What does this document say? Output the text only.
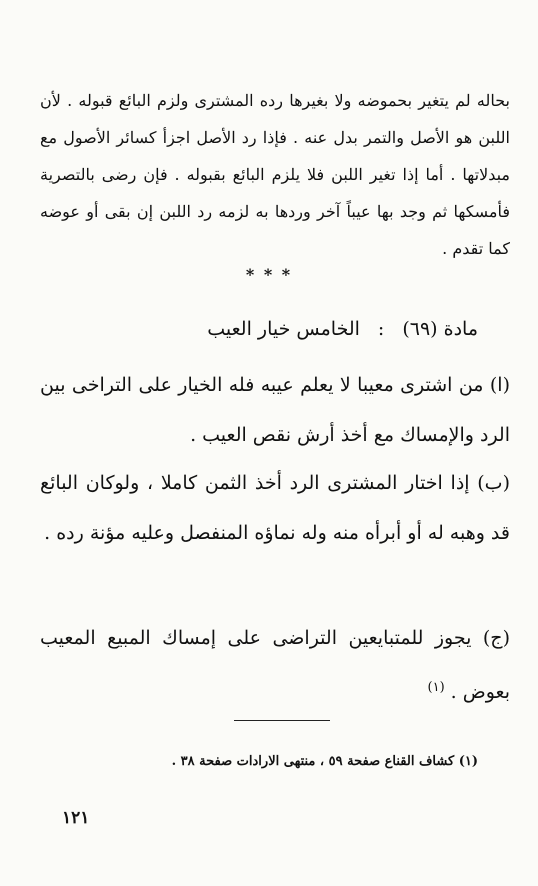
بحاله لم يتغير بحموضه ولا بغيرها رده المشترى ولزم البائع قبوله . لأن اللبن هو الأصل والتمر بدل عنه . فإذا رد الأصل اجزأ كسائر الأصول مع مبدلاتها . أما إذا تغير اللبن فلا يلزم البائع بقبوله . فإن رضى بالتصرية فأمسكها ثم وجد بها عيباً آخر وردها به لزمه رد اللبن إن بقى أو عوضه كما تقدم .

* * *
مادة (٦٩):الخامس خيار العيب

(ا) من اشترى معيبا لا يعلم عيبه فله الخيار على التراخى بين الرد والإمساك مع أخذ أرش نقص العيب .

(ب) إذا اختار المشترى الرد أخذ الثمن كاملا ، ولوكان البائع قد وهبه له أو أبرأه منه وله نماؤه المنفصل وعليه مؤنة رده .

(ج) يجوز للمتبايعين التراضى على إمساك المبيع المعيب بعوض .$^{(١)}$

(١) كشاف القناع صفحة ٥٩ ، منتهى الارادات صفحة ٣٨ .
١٢١
